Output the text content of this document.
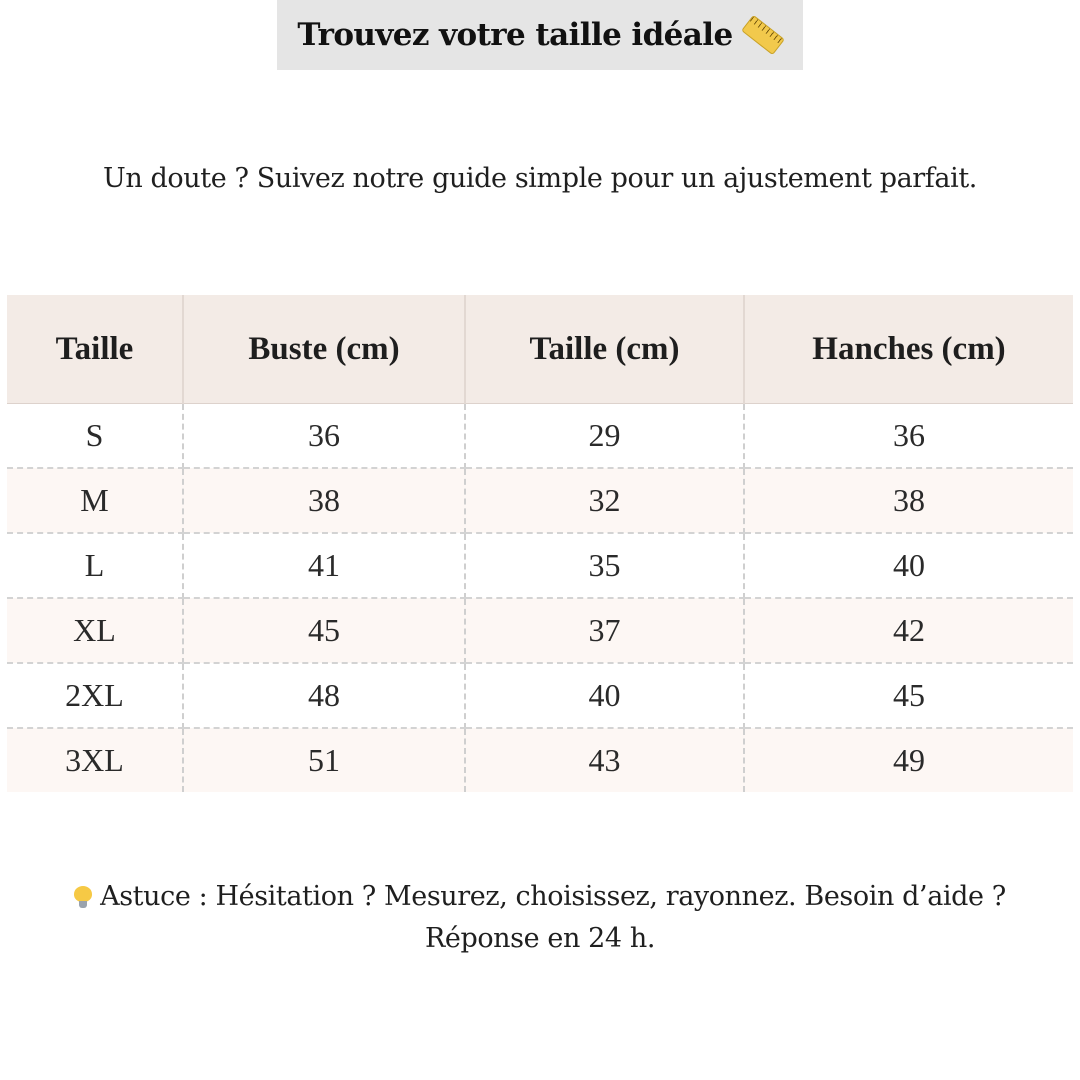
Trouvez votre taille idéale

Un doute ? Suivez notre guide simple pour un ajustement parfait.

Taille	Buste (cm)	Taille (cm)	Hanches (cm)
S	36	29	36
M	38	32	38
L	41	35	40
XL	45	37	42
2XL	48	40	45
3XL	51	43	49
Astuce : Hésitation ? Mesurez, choisissez, rayonnez. Besoin d’aide ?
Réponse en 24 h.
